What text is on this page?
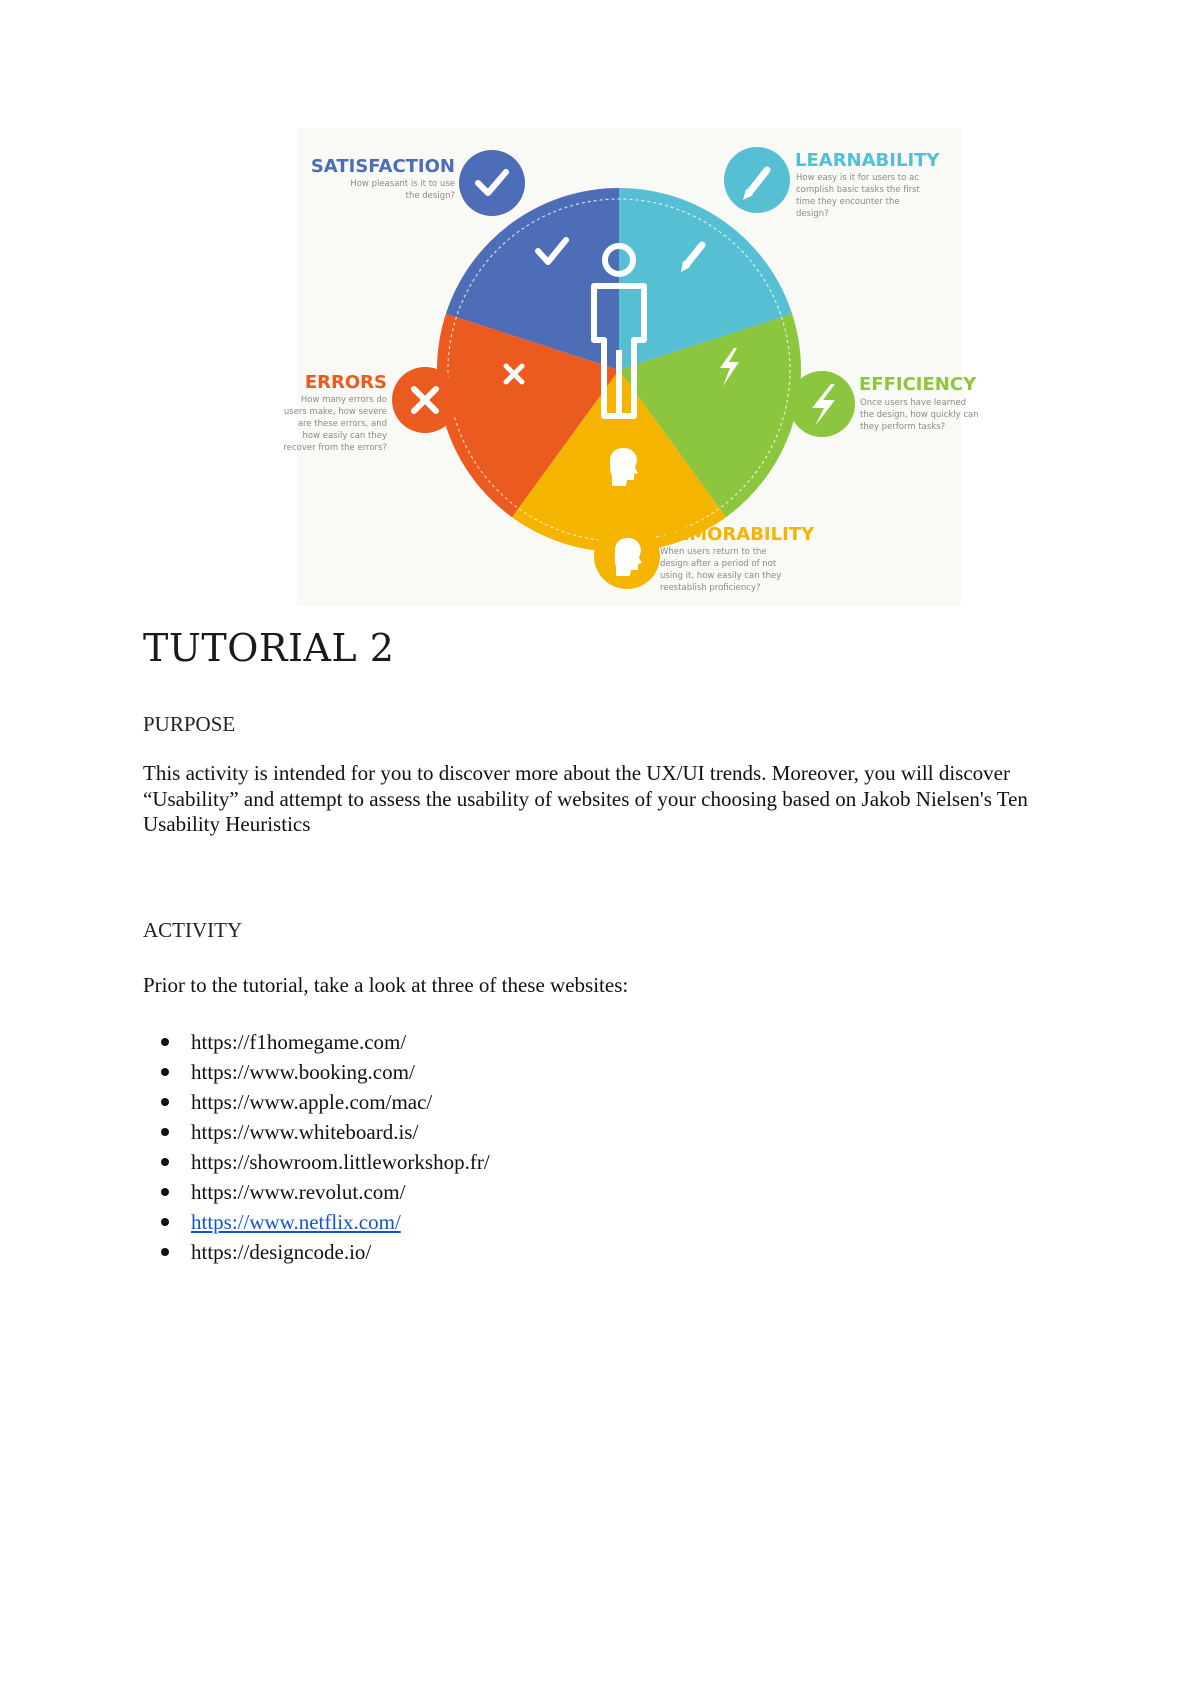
SATISFACTION
How pleasant is it to use
the design?
LEARNABILITY
How easy is it for users to ac
complish basic tasks the first
time they encounter the
design?
EFFICIENCY
Once users have learned
the design, how quickly can
they perform tasks?
ERRORS
How many errors do
users make, how severe
are these errors, and
how easily can they
recover from the errors?
MEMORABILITY
When users return to the
design after a period of not
using it, how easily can they
reestablish proficiency?
TUTORIAL 2
PURPOSE

This activity is intended for you to discover more about the UX/UI trends. Moreover, you will discover “Usability” and attempt to assess the usability of websites of your choosing based on Jakob Nielsen's Ten Usability Heuristics

ACTIVITY

Prior to the tutorial, take a look at three of these websites:

https://f1homegame.com/
https://www.booking.com/
https://www.apple.com/mac/
https://www.whiteboard.is/
https://showroom.littleworkshop.fr/
https://www.revolut.com/
https://www.netflix.com/
https://designcode.io/
